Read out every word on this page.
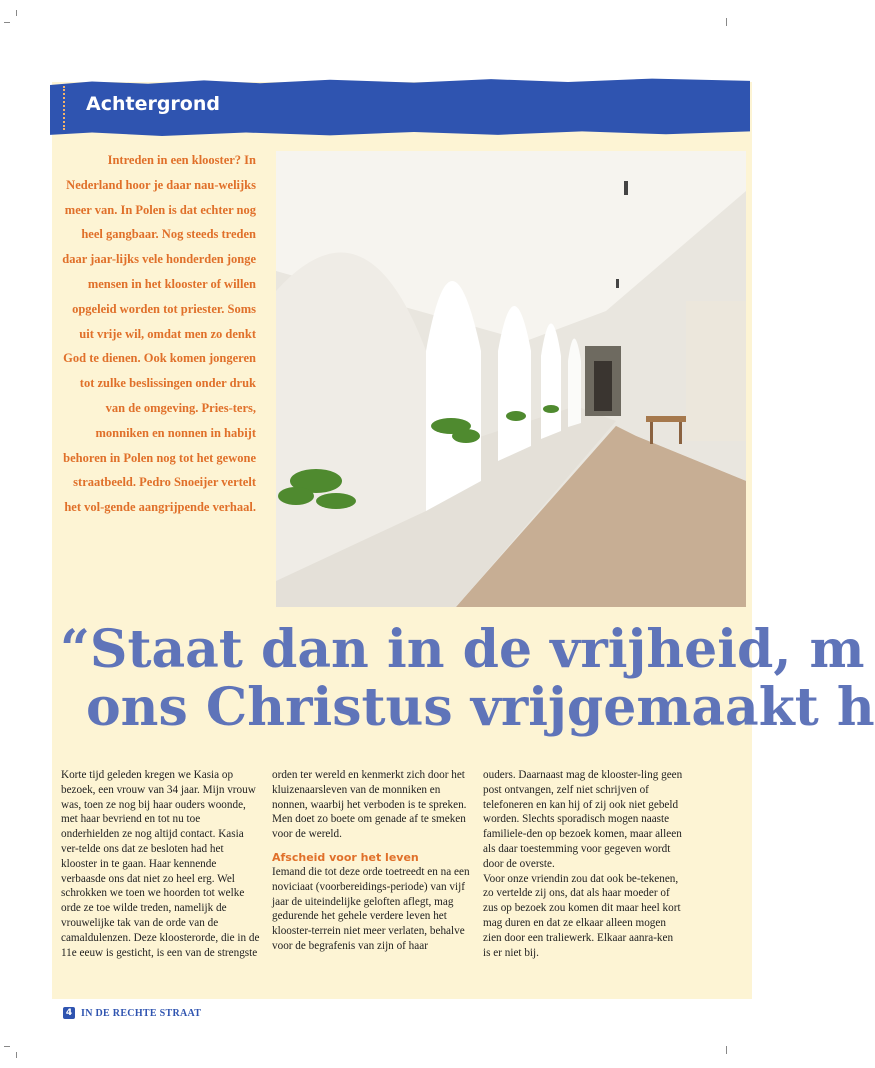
Achtergrond

Intreden in een klooster? In Nederland hoor je daar nau-welijks meer van. In Polen is dat echter nog heel gangbaar. Nog steeds treden daar jaar-lijks vele honderden jonge mensen in het klooster of willen opgeleid worden tot priester. Soms uit vrije wil, omdat men zo denkt God te dienen. Ook komen jongeren tot zulke beslissingen onder druk van de omgeving. Pries-ters, monniken en nonnen in habijt behoren in Polen nog tot het gewone straatbeeld. Pedro Snoeijer vertelt het vol-gende aangrijpende verhaal.

“Staat dan in de vrijheid, m
ons Christus vrijgemaakt h

Korte tijd geleden kregen we Kasia op bezoek, een vrouw van 34 jaar. Mijn vrouw was, toen ze nog bij haar ouders woonde, met haar bevriend en tot nu toe onderhielden ze nog altijd contact. Kasia ver-telde ons dat ze besloten had het klooster in te gaan. Haar kennende verbaasde ons dat niet zo heel erg. Wel schrokken we toen we hoorden tot welke orde ze toe wilde treden, namelijk de vrouwelijke tak van de orde van de camaldulenzen. Deze kloosterorde, die in de 11e eeuw is gesticht, is een van de strengste

orden ter wereld en kenmerkt zich door het kluizenaarsleven van de monniken en nonnen, waarbij het verboden is te spreken. Men doet zo boete om genade af te smeken voor de wereld.

Afscheid voor het leven

Iemand die tot deze orde toetreedt en na een noviciaat (voorbereidings-periode) van vijf jaar de uiteindelijke geloften aflegt, mag gedurende het gehele verdere leven het klooster-terrein niet meer verlaten, behalve voor de begrafenis van zijn of haar

ouders. Daarnaast mag de klooster-ling geen post ontvangen, zelf niet schrijven of telefoneren en kan hij of zij ook niet gebeld worden. Slechts sporadisch mogen naaste familiele-den op bezoek komen, maar alleen als daar toestemming voor gegeven wordt door de overste.

Voor onze vriendin zou dat ook be-tekenen, zo vertelde zij ons, dat als haar moeder of zus op bezoek zou komen dit maar heel kort mag duren en dat ze elkaar alleen mogen zien door een traliewerk. Elkaar aanra-ken is er niet bij.

4 IN DE RECHTE STRAAT
